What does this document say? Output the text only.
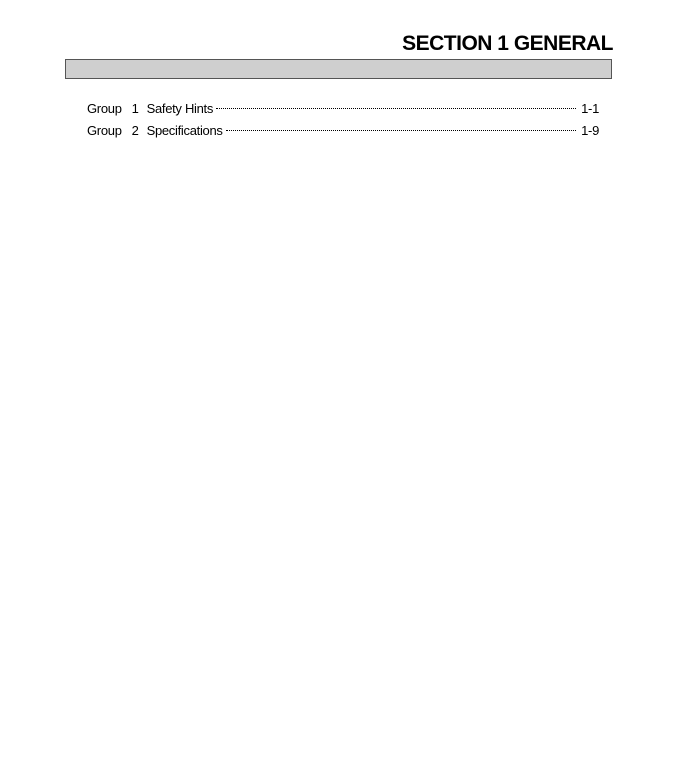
SECTION 1 GENERAL
Group 1 Safety Hints	1-1
Group 2 Specifications	1-9
